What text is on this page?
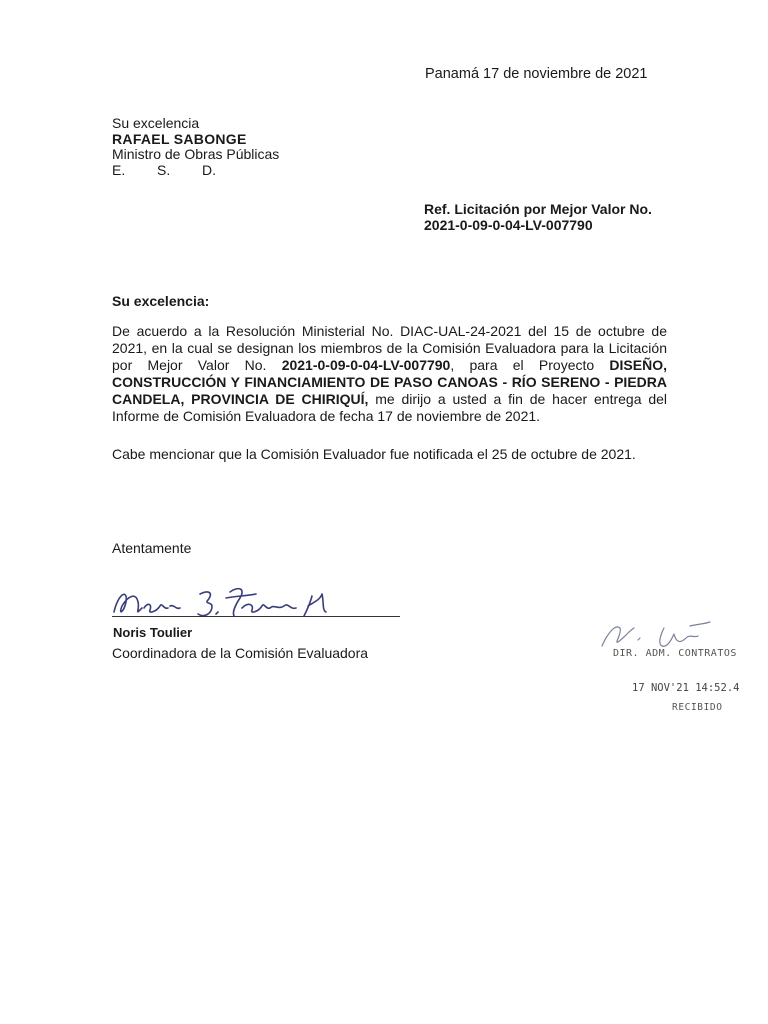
Panamá 17 de noviembre de 2021
Su excelencia
RAFAEL SABONGE
Ministro de Obras Públicas
E.	S.	D.
Ref. Licitación por Mejor Valor No.
2021-0-09-0-04-LV-007790
Su excelencia:
De acuerdo a la Resolución Ministerial No. DIAC-UAL-24-2021 del 15 de octubre de 2021, en la cual se designan los miembros de la Comisión Evaluadora para la Licitación por Mejor Valor No. 2021-0-09-0-04-LV-007790, para el Proyecto DISEÑO, CONSTRUCCIÓN Y FINANCIAMIENTO DE PASO CANOAS - RÍO SERENO - PIEDRA CANDELA, PROVINCIA DE CHIRIQUÍ, me dirijo a usted a fin de hacer entrega del Informe de Comisión Evaluadora de fecha 17 de noviembre de 2021.
Cabe mencionar que la Comisión Evaluador fue notificada el 25 de octubre de 2021.
Atentamente
Noris Toulier
Coordinadora de la Comisión Evaluadora	DIR. ADM. CONTRATOS
17 NOV'21 14:52.4
RECIBIDO
